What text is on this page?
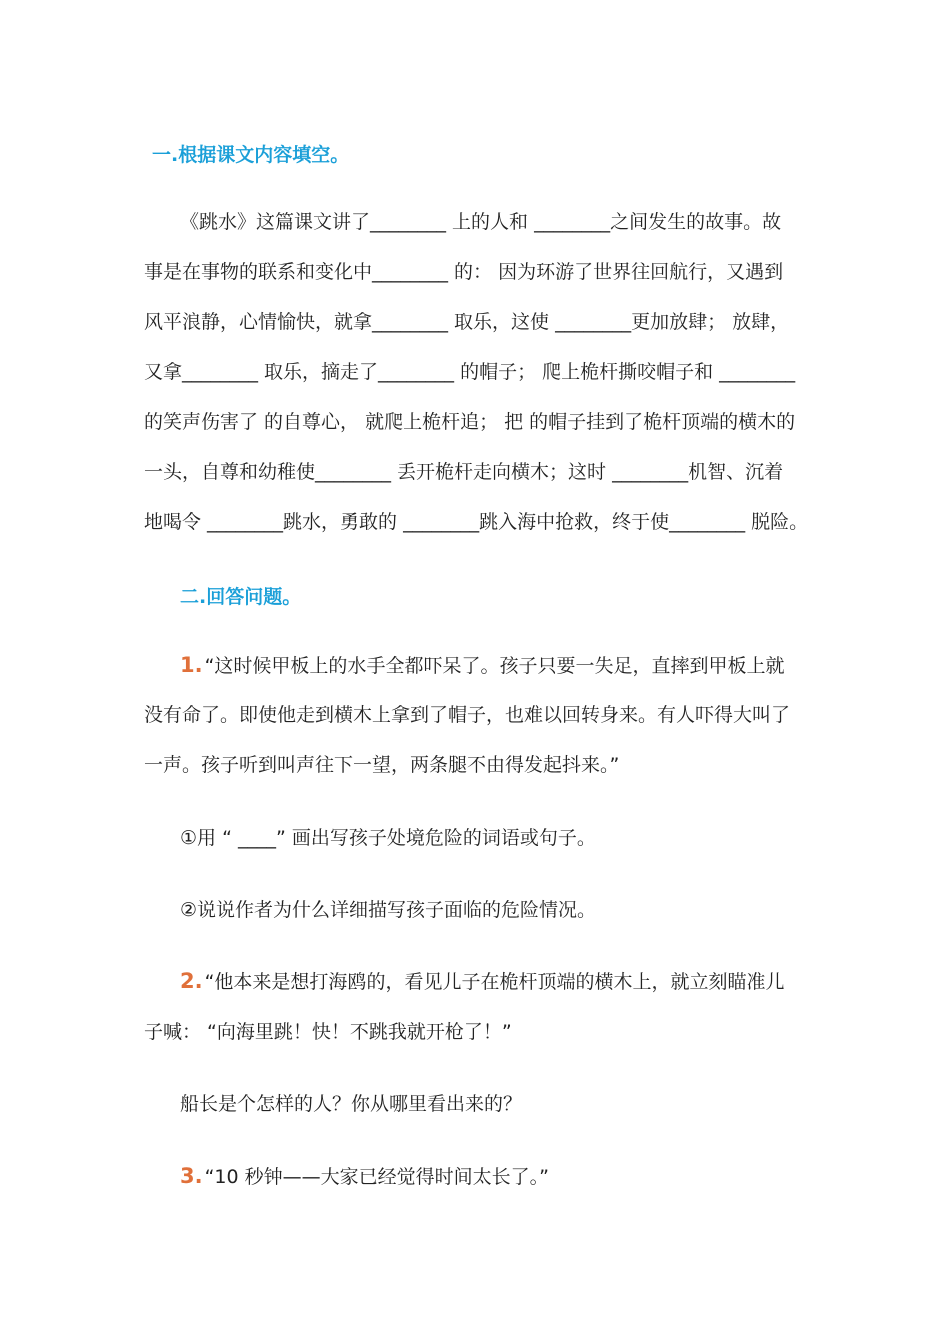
一.根据课文内容填空。
《跳水》这篇课文讲了________ 上的人和 ________之间发生的故事。故
事是在事物的联系和变化中________ 的： 因为环游了世界往回航行，又遇到
风平浪静，心情愉快，就拿________ 取乐，这使 ________更加放肆； 放肆，
又拿________ 取乐，摘走了________ 的帽子； 爬上桅杆撕咬帽子和 ________
的笑声伤害了 的自尊心， 就爬上桅杆追； 把 的帽子挂到了桅杆顶端的横木的
一头，自尊和幼稚使________ 丢开桅杆走向横木；这时 ________机智、沉着
地喝令 ________跳水，勇敢的 ________跳入海中抢救，终于使________ 脱险。
二.回答问题。
1. “这时候甲板上的水手全都吓呆了。孩子只要一失足，直摔到甲板上就
没有命了。即使他走到横木上拿到了帽子，也难以回转身来。有人吓得大叫了
一声。孩子听到叫声往下一望，两条腿不由得发起抖来。”
①用 “ ____” 画出写孩子处境危险的词语或句子。
②说说作者为什么详细描写孩子面临的危险情况。
2. “他本来是想打海鸥的，看见儿子在桅杆顶端的横木上，就立刻瞄准儿
子喊： “向海里跳！快！不跳我就开枪了！”
船长是个怎样的人？你从哪里看出来的？
3. “10 秒钟——大家已经觉得时间太长了。”
